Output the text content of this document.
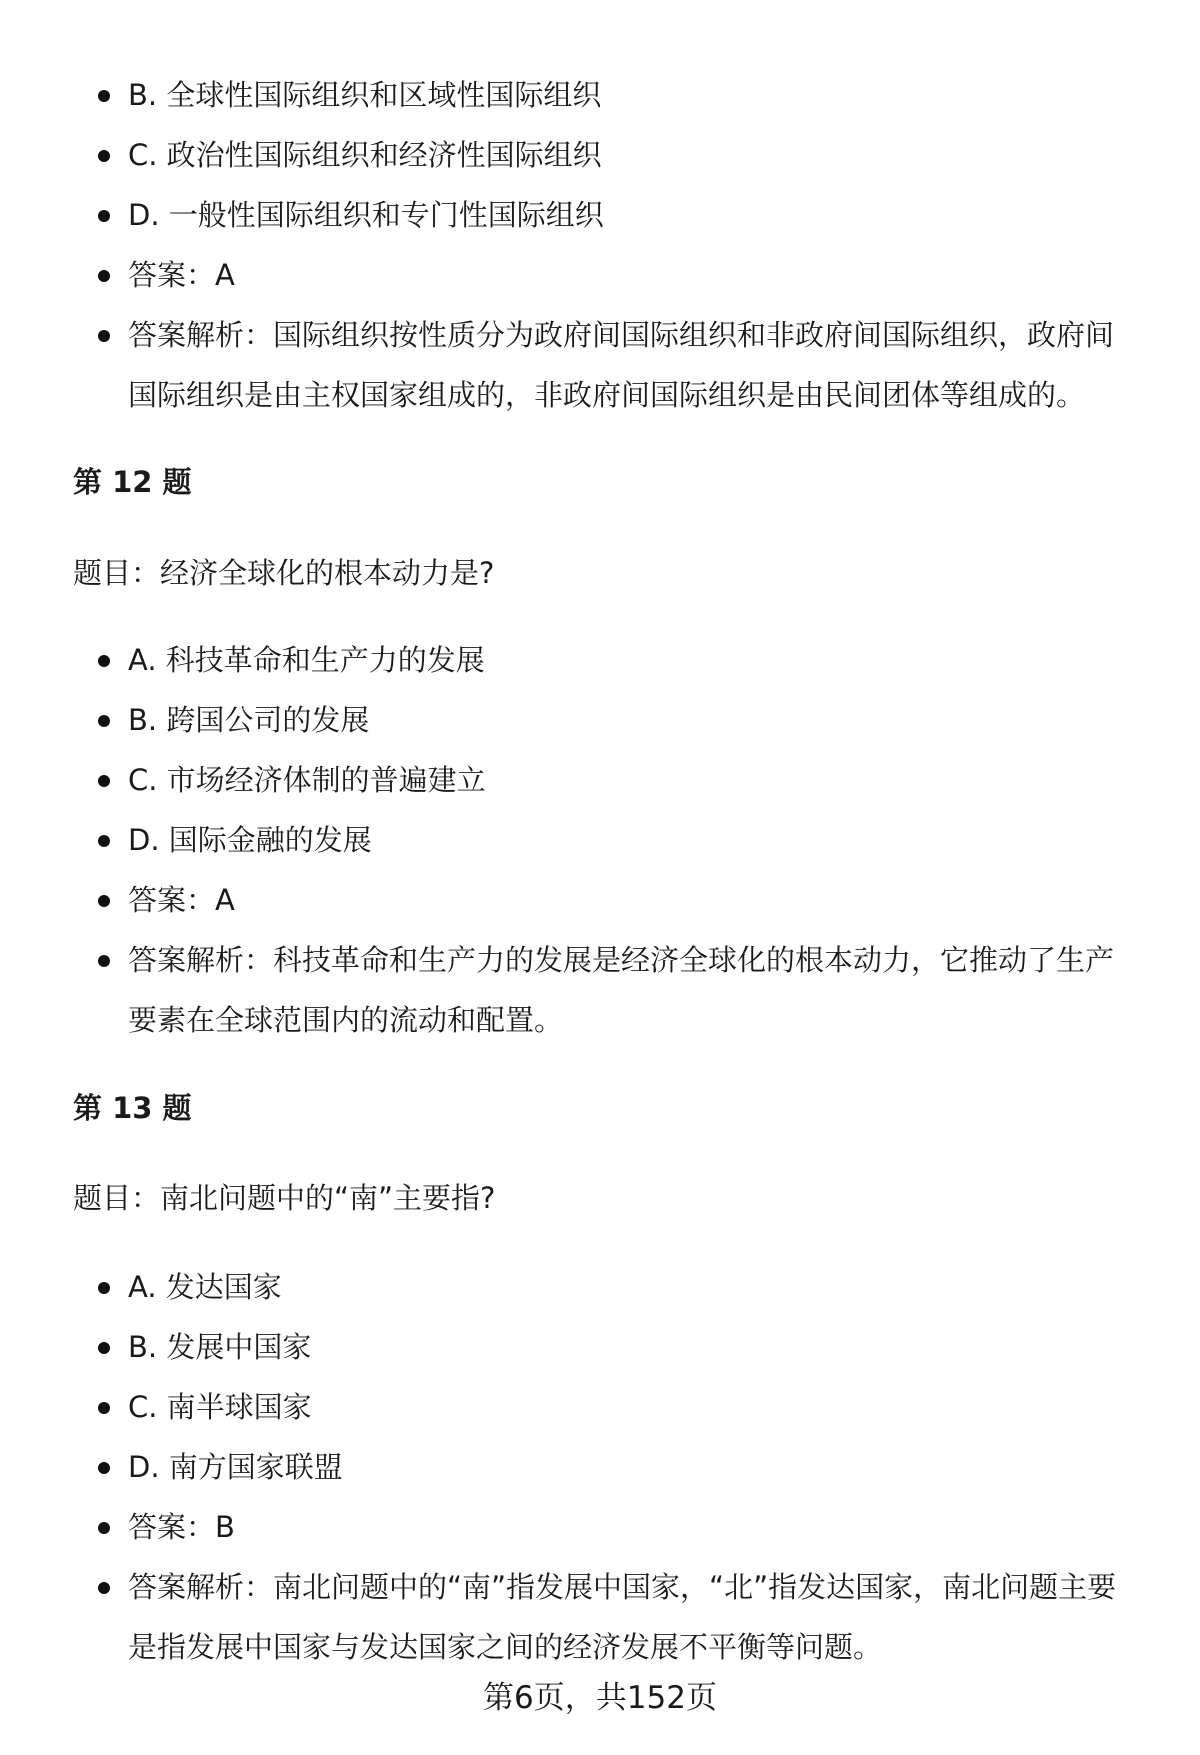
B. 全球性国际组织和区域性国际组织
C. 政治性国际组织和经济性国际组织
D. 一般性国际组织和专门性国际组织
答案：A
答案解析：国际组织按性质分为政府间国际组织和非政府间国际组织，政府间国际组织是由主权国家组成的，非政府间国际组织是由民间团体等组成的。
第 12 题
题目：经济全球化的根本动力是?
A. 科技革命和生产力的发展
B. 跨国公司的发展
C. 市场经济体制的普遍建立
D. 国际金融的发展
答案：A
答案解析：科技革命和生产力的发展是经济全球化的根本动力，它推动了生产要素在全球范围内的流动和配置。
第 13 题
题目：南北问题中的“南”主要指?
A. 发达国家
B. 发展中国家
C. 南半球国家
D. 南方国家联盟
答案：B
答案解析：南北问题中的“南”指发展中国家，“北”指发达国家，南北问题主要是指发展中国家与发达国家之间的经济发展不平衡等问题。
第6页，共152页
